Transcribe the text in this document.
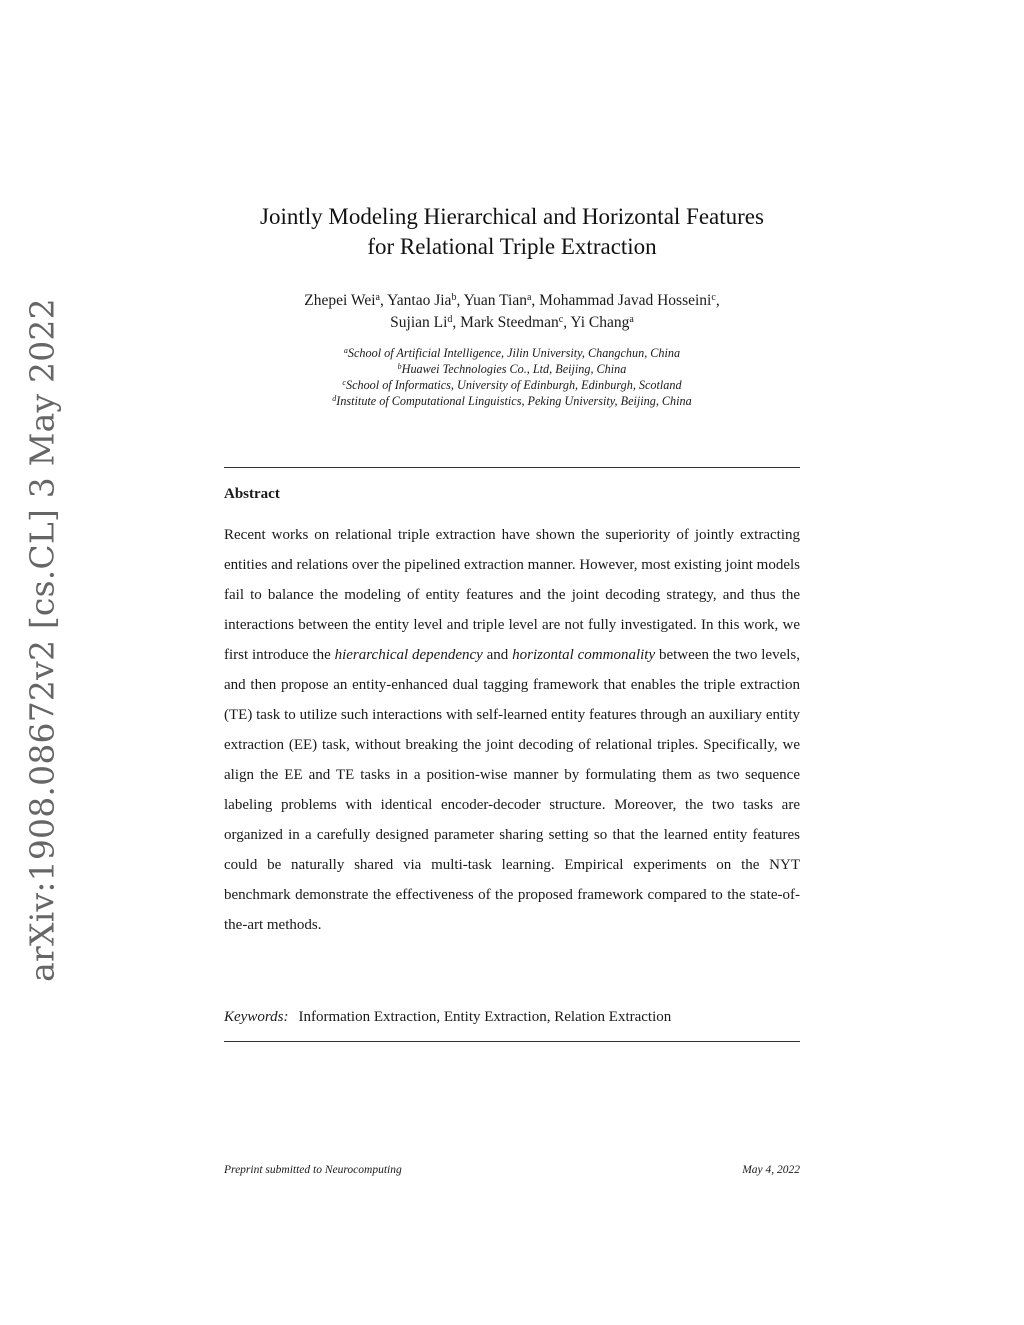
arXiv:1908.08672v2 [cs.CL] 3 May 2022
Jointly Modeling Hierarchical and Horizontal Features
for Relational Triple Extraction
Zhepei Wei$^a$, Yantao Jia$^b$, Yuan Tian$^a$, Mohammad Javad Hosseini$^c$,
Sujian Li$^d$, Mark Steedman$^c$, Yi Chang$^a$
$^a$School of Artificial Intelligence, Jilin University, Changchun, China
$^b$Huawei Technologies Co., Ltd, Beijing, China
$^c$School of Informatics, University of Edinburgh, Edinburgh, Scotland
$^d$Institute of Computational Linguistics, Peking University, Beijing, China
Abstract
Recent works on relational triple extraction have shown the superiority of jointly extracting entities and relations over the pipelined extraction manner. However, most existing joint models fail to balance the modeling of entity features and the joint decoding strategy, and thus the interactions between the entity level and triple level are not fully investigated. In this work, we first introduce the hierarchical dependency and horizontal commonality between the two levels, and then propose an entity-enhanced dual tagging framework that enables the triple extraction (TE) task to utilize such interactions with self-learned entity features through an auxiliary entity extraction (EE) task, without breaking the joint decoding of relational triples. Specifically, we align the EE and TE tasks in a position-wise manner by formulating them as two sequence labeling problems with identical encoder-decoder structure. Moreover, the two tasks are organized in a carefully designed parameter sharing setting so that the learned entity features could be naturally shared via multi-task learning. Empirical experiments on the NYT benchmark demonstrate the effectiveness of the proposed framework compared to the state-of-the-art methods.
Keywords: Information Extraction, Entity Extraction, Relation Extraction
Preprint submitted to Neurocomputing	May 4, 2022
